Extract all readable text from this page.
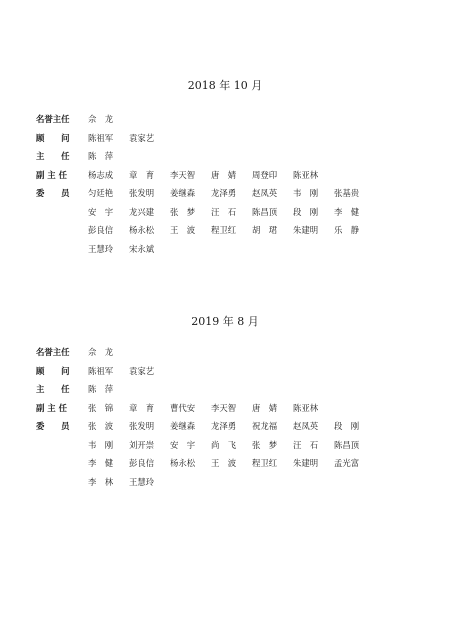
2018 年 10 月
名誉主任	佘　龙
顾　　问	陈祖军 袁家艺
主　　任	陈　萍
副 主 任	杨志成 章　育 李天智 唐　婧 周登印 陈亚林
委　　员	匀廷艳 张发明 姜继森 龙泽勇 赵凤英 韦　刚 张基贵
安　宇 龙兴建 张　梦 汪　石 陈昌顶 段　刚 李　健
彭良信 杨永松 王　波 程卫红 胡　珺 朱建明 乐　静
王慧玲 宋永斌
2019 年 8 月
名誉主任	佘　龙
顾　　问	陈祖军 袁家艺
主　　任	陈　萍
副 主 任	张　锦 章　育 曹代安 李天智 唐　婧 陈亚林
委　　员	张　波 张发明 姜继森 龙泽勇 祝龙福 赵凤英 段　刚
韦　刚 刘开崇 安　宇 尚　飞 张　梦 汪　石 陈昌顶
李　健 彭良信 杨永松 王　波 程卫红 朱建明 孟光富
李　林 王慧玲
